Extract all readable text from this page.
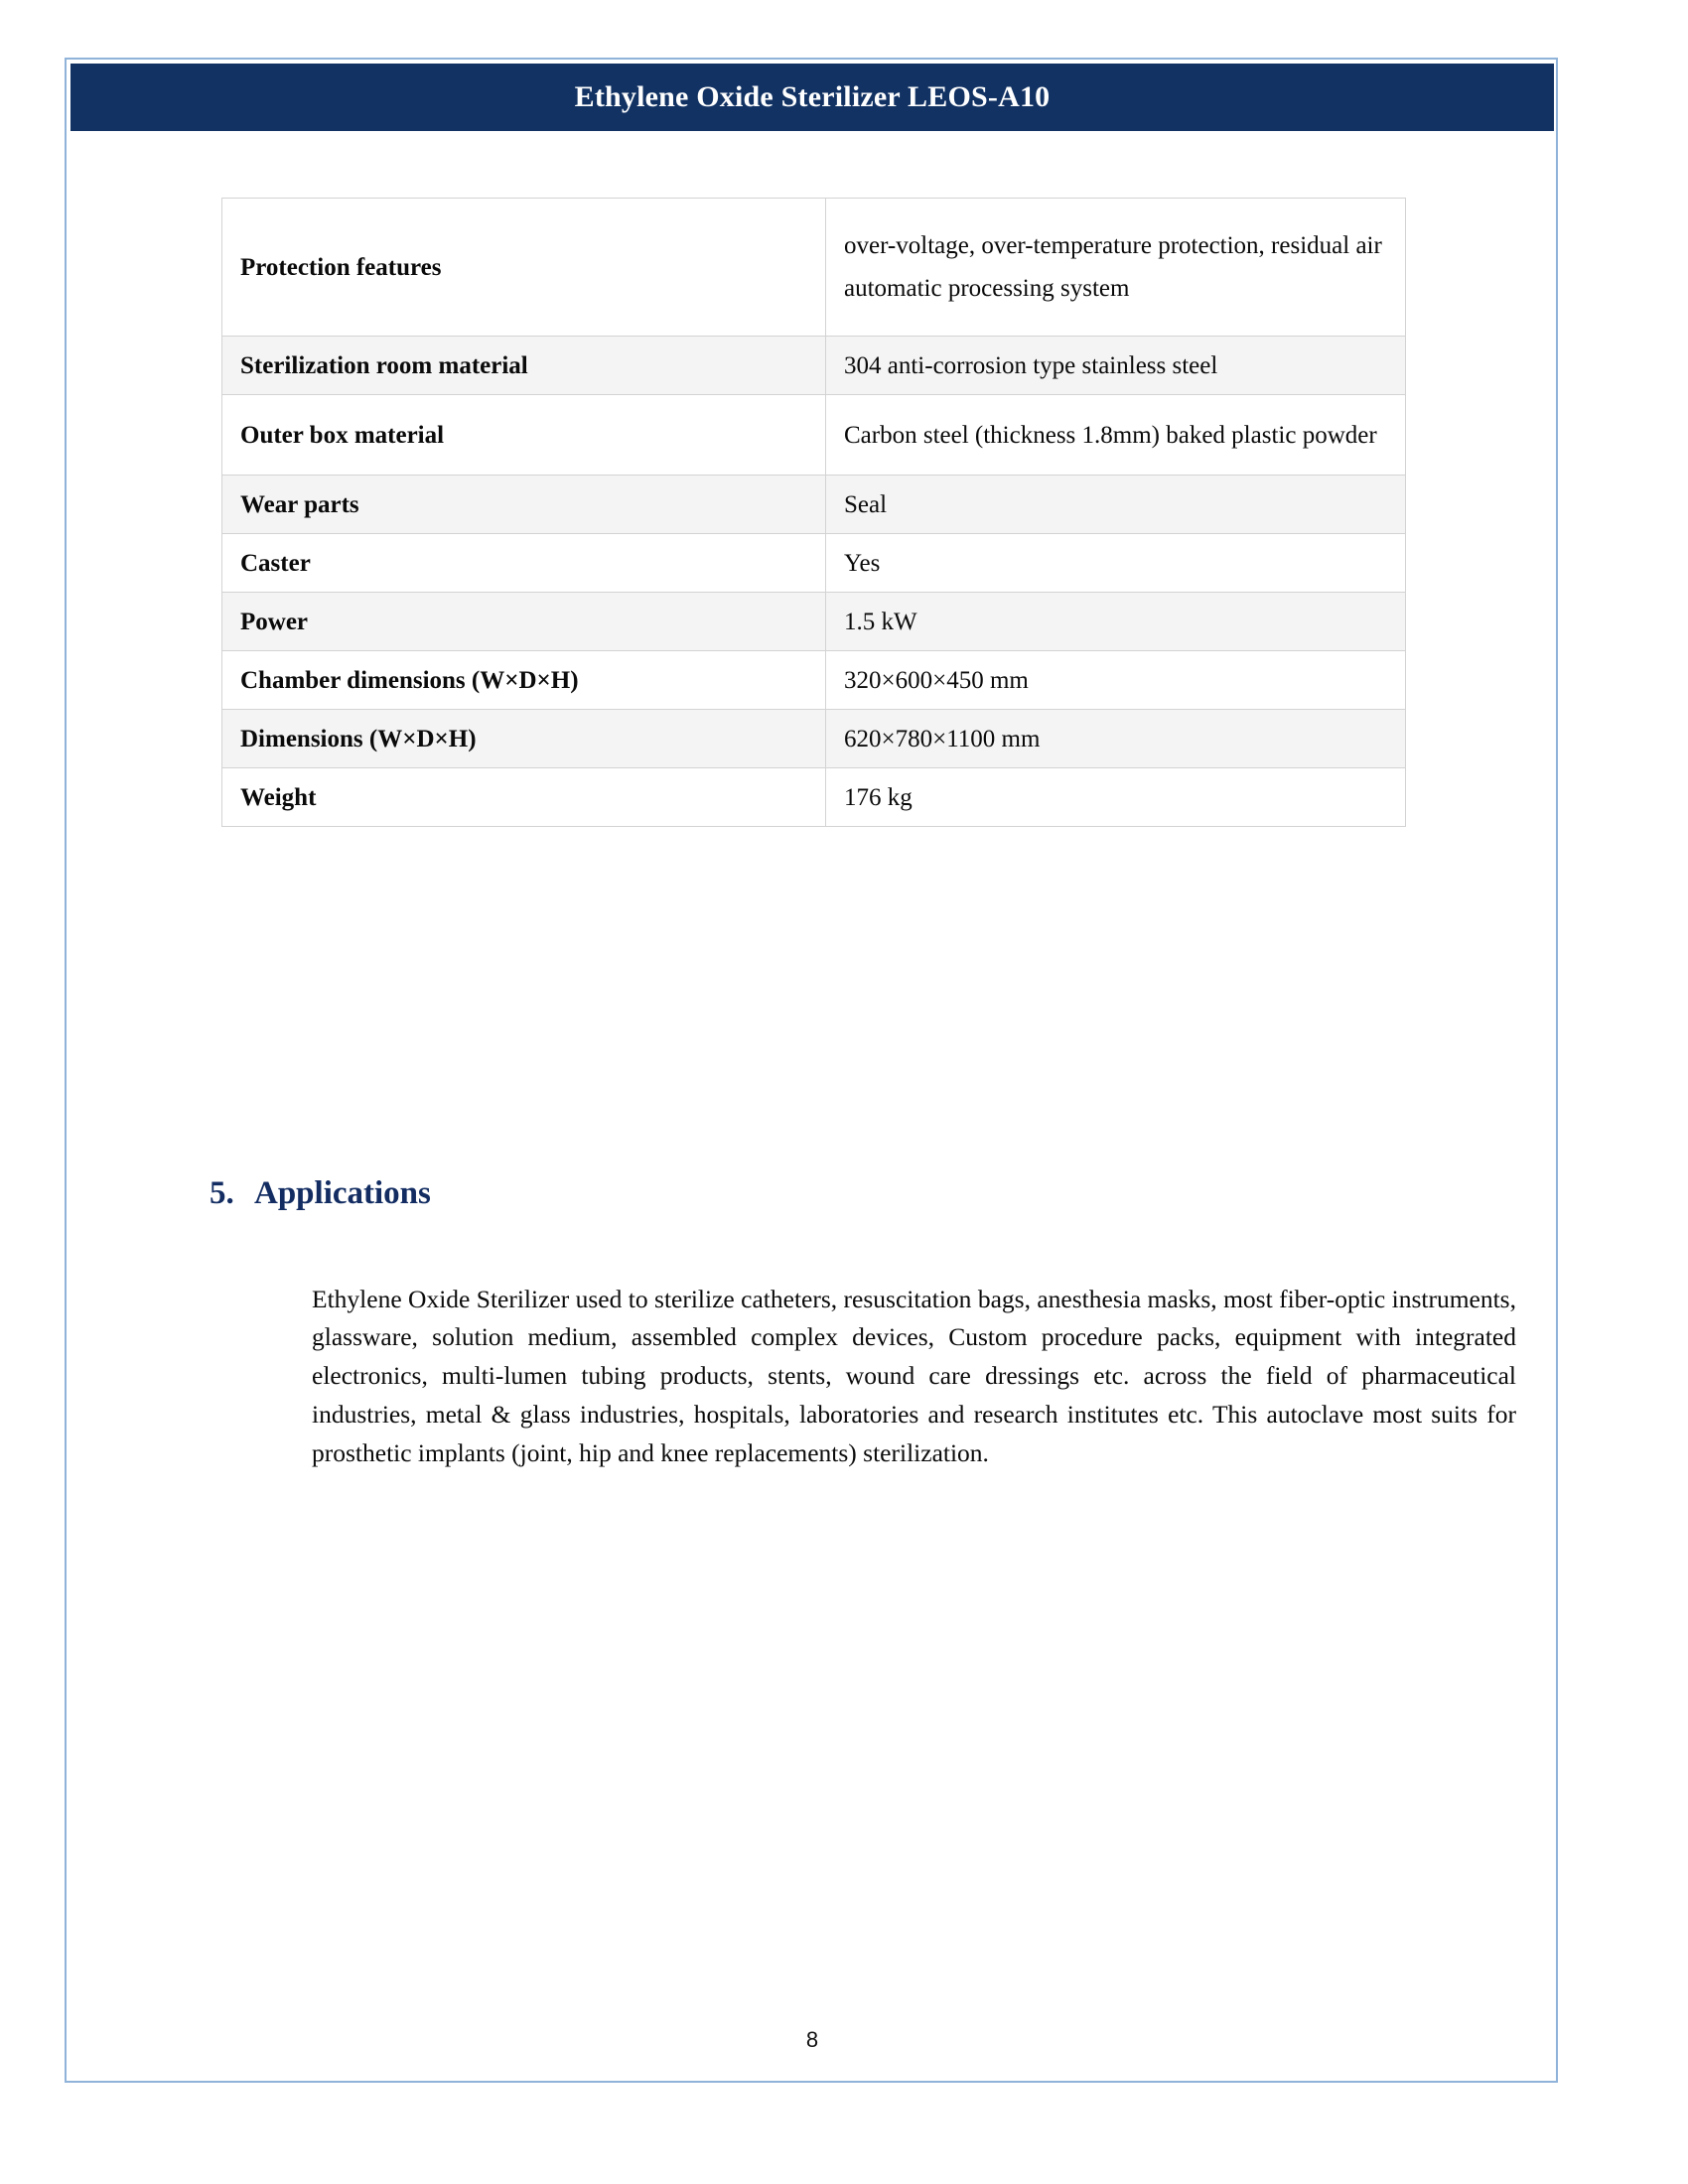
Ethylene Oxide Sterilizer LEOS-A10
Protection features	over-voltage, over-temperature protection, residual air automatic processing system
Sterilization room material	304 anti-corrosion type stainless steel
Outer box material	Carbon steel (thickness 1.8mm) baked plastic powder
Wear parts	Seal
Caster	Yes
Power	1.5 kW
Chamber dimensions (W×D×H)	320×600×450 mm
Dimensions (W×D×H)	620×780×1100 mm
Weight	176 kg
5. Applications

Ethylene Oxide Sterilizer used to sterilize catheters, resuscitation bags, anesthesia masks, most fiber-optic instruments, glassware, solution medium, assembled complex devices, Custom procedure packs, equipment with integrated electronics, multi-lumen tubing products, stents, wound care dressings etc. across the field of pharmaceutical industries, metal & glass industries, hospitals, laboratories and research institutes etc. This autoclave most suits for prosthetic implants (joint, hip and knee replacements) sterilization.

8
